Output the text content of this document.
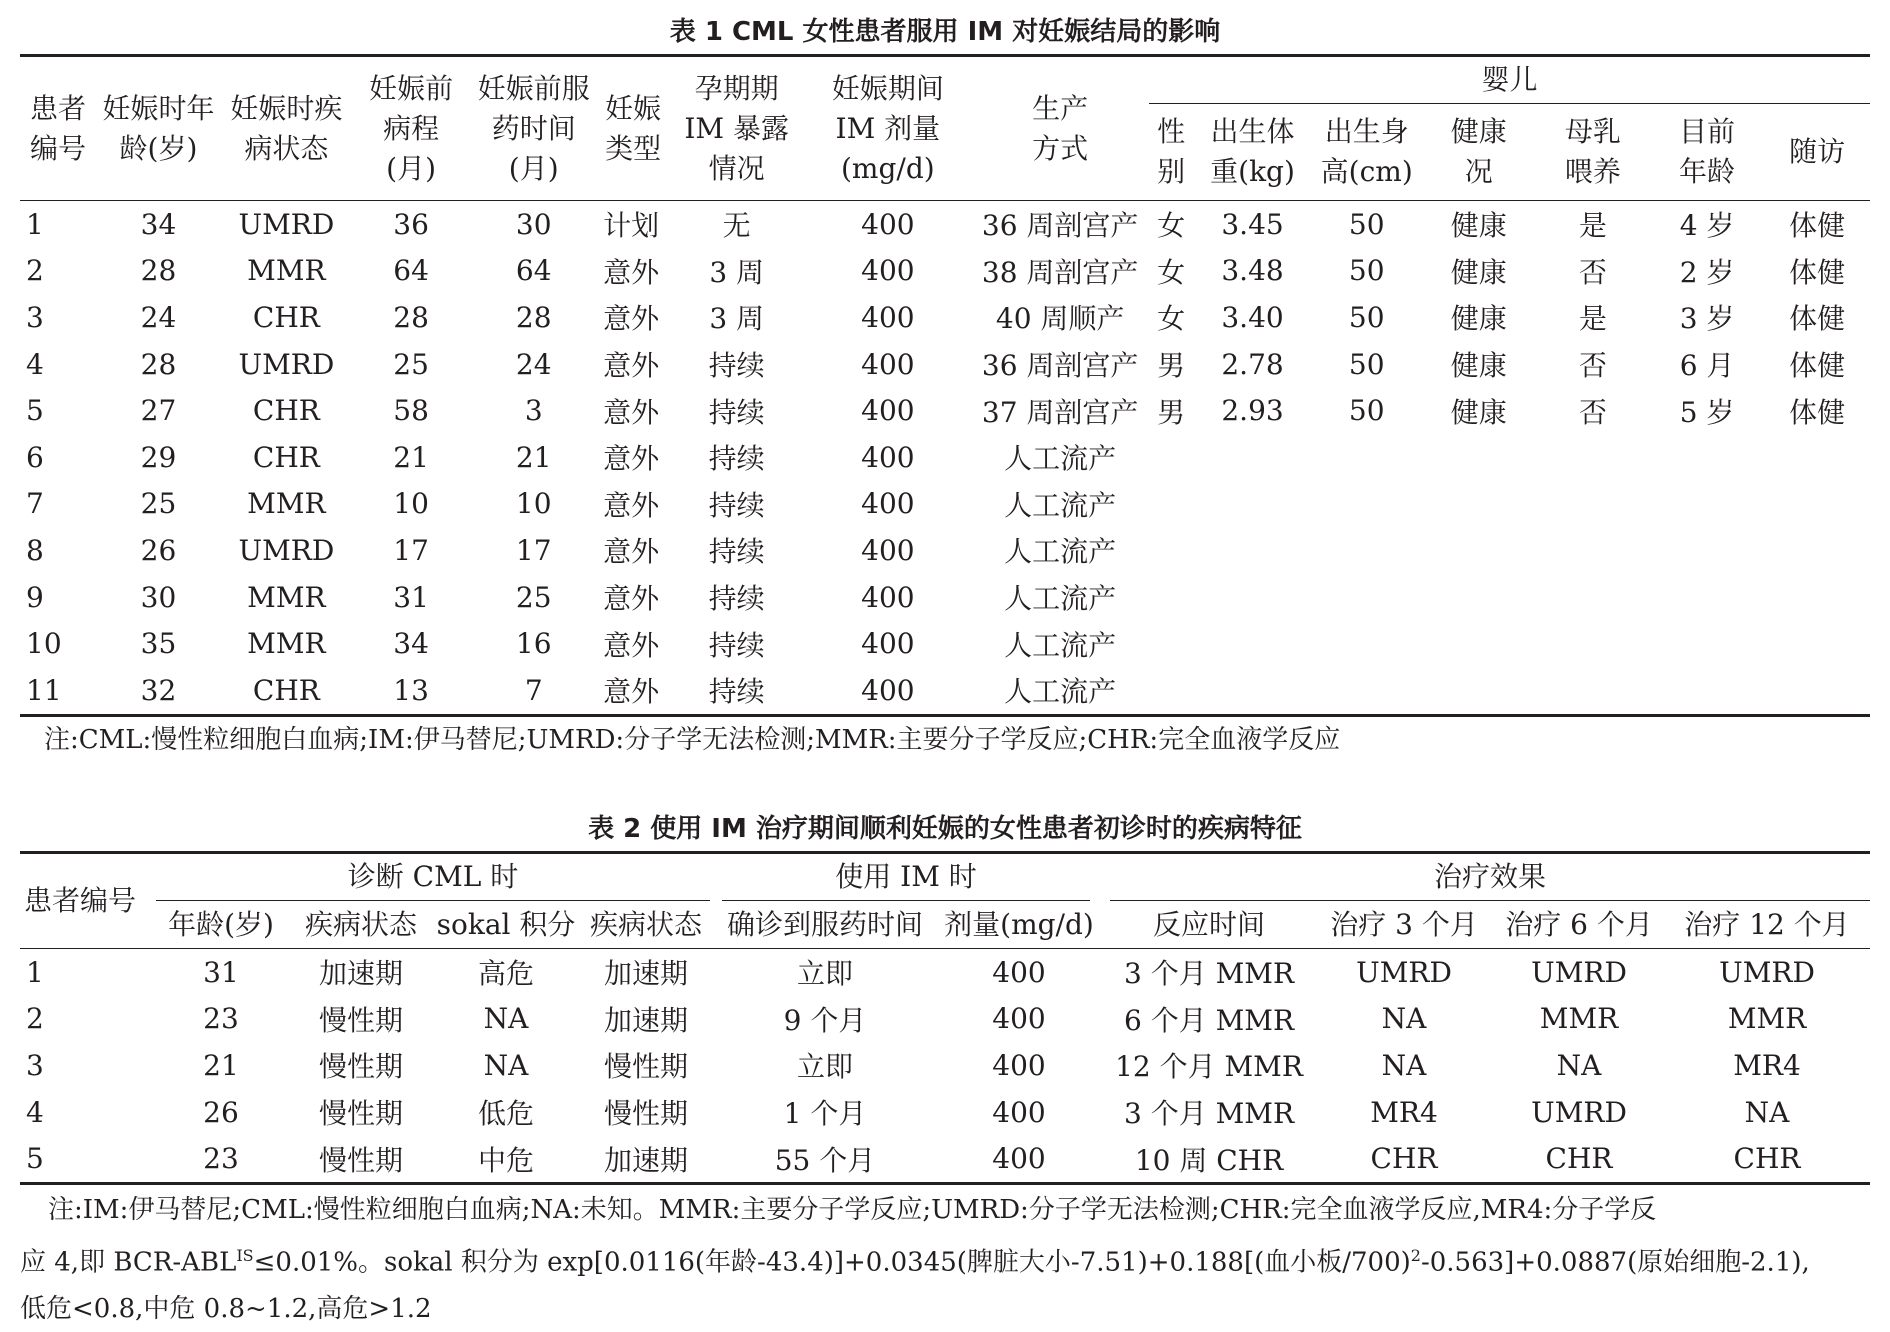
表 1 CML 女性患者服用 IM 对妊娠结局的影响
患者编号	妊娠时年龄(岁)	妊娠时疾病状态	妊娠前病程(月)	妊娠前服药时间(月)	妊娠类型	孕期期 IM 暴露情况	妊娠期间 IM 剂量(mg/d)	生产方式	婴儿						

									性别	出生体重(kg)	出生身高(cm)	健康况	母乳喂养	目前年龄	随访
1	34	UMRD	36	30	计划	无	400	36 周剖宫产	女	3.45	50	健康	是	4 岁	体健
2	28	MMR	64	64	意外	3 周	400	38 周剖宫产	女	3.48	50	健康	否	2 岁	体健
3	24	CHR	28	28	意外	3 周	400	40 周顺产	女	3.40	50	健康	是	3 岁	体健
4	28	UMRD	25	24	意外	持续	400	36 周剖宫产	男	2.78	50	健康	否	6 月	体健
5	27	CHR	58	3	意外	持续	400	37 周剖宫产	男	2.93	50	健康	否	5 岁	体健
6	29	CHR	21	21	意外	持续	400	人工流产							
7	25	MMR	10	10	意外	持续	400	人工流产							
8	26	UMRD	17	17	意外	持续	400	人工流产							
9	30	MMR	31	25	意外	持续	400	人工流产							
10	35	MMR	34	16	意外	持续	400	人工流产							
11	32	CHR	13	7	意外	持续	400	人工流产							
注:CML:慢性粒细胞白血病;IM:伊马替尼;UMRD:分子学无法检测;MMR:主要分子学反应;CHR:完全血液学反应
表 2 使用 IM 治疗期间顺利妊娠的女性患者初诊时的疾病特征
患者编号	诊断 CML 时				使用 IM 时		治疗效果			

	年龄(岁)	疾病状态	sokal 积分	疾病状态	确诊到服药时间	剂量(mg/d)	反应时间	治疗 3 个月	治疗 6 个月	治疗 12 个月
1	31	加速期	高危	加速期	立即	400	3 个月 MMR	UMRD	UMRD	UMRD
2	23	慢性期	NA	加速期	9 个月	400	6 个月 MMR	NA	MMR	MMR
3	21	慢性期	NA	慢性期	立即	400	12 个月 MMR	NA	NA	MR4
4	26	慢性期	低危	慢性期	1 个月	400	3 个月 MMR	MR4	UMRD	NA
5	23	慢性期	中危	加速期	55 个月	400	10 周 CHR	CHR	CHR	CHR
注:IM:伊马替尼;CML:慢性粒细胞白血病;NA:未知。MMR:主要分子学反应;UMRD:分子学无法检测;CHR:完全血液学反应,MR4:分子学反
应 4,即 BCR-$ABL^{IS}\le 0.01\%$。sokal 积分为 exp[0.0116(年龄-43.4)]+0.0345(脾脏大小-7.51)+0.188[(血小板/700)$^2$-0.563]+0.0887(原始细胞-2.1),
低危<0.8,中危 0.8~1.2,高危>1.2
